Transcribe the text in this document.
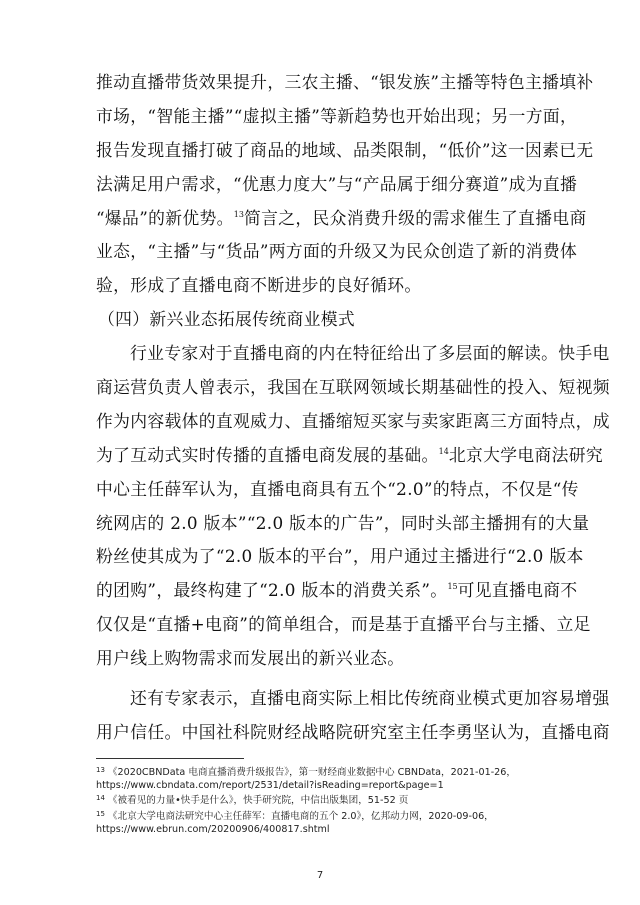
推动直播带货效果提升，三农主播、“银发族”主播等特色主播填补
市场，“智能主播”“虚拟主播”等新趋势也开始出现；另一方面，
报告发现直播打破了商品的地域、品类限制，“低价”这一因素已无
法满足用户需求，“优惠力度大”与“产品属于细分赛道”成为直播
“爆品”的新优势。$^{13}$简言之，民众消费升级的需求催生了直播电商
业态，“主播”与“货品”两方面的升级又为民众创造了新的消费体
验，形成了直播电商不断进步的良好循环。
（四）新兴业态拓展传统商业模式
行业专家对于直播电商的内在特征给出了多层面的解读。快手电
商运营负责人曾表示，我国在互联网领域长期基础性的投入、短视频
作为内容载体的直观威力、直播缩短买家与卖家距离三方面特点，成
为了互动式实时传播的直播电商发展的基础。$^{14}$北京大学电商法研究
中心主任薛军认为，直播电商具有五个“2.0”的特点，不仅是“传
统网店的 2.0 版本”“2.0 版本的广告”，同时头部主播拥有的大量
粉丝使其成为了“2.0 版本的平台”，用户通过主播进行“2.0 版本
的团购”，最终构建了“2.0 版本的消费关系”。$^{15}$可见直播电商不
仅仅是“直播+电商”的简单组合，而是基于直播平台与主播、立足
用户线上购物需求而发展出的新兴业态。
还有专家表示，直播电商实际上相比传统商业模式更加容易增强
用户信任。中国社科院财经战略院研究室主任李勇坚认为，直播电商
$^{13}$ 《2020CBNData 电商直播消费升级报告》，第一财经商业数据中心 CBNData，2021-01-26，
https://www.cbndata.com/report/2531/detail?isReading=report&page=1
$^{14}$ 《被看见的力量•快手是什么》，快手研究院，中信出版集团，51-52 页
$^{15}$ 《北京大学电商法研究中心主任薛军：直播电商的五个 2.0》，亿邦动力网，2020-09-06，
https://www.ebrun.com/20200906/400817.shtml
7
